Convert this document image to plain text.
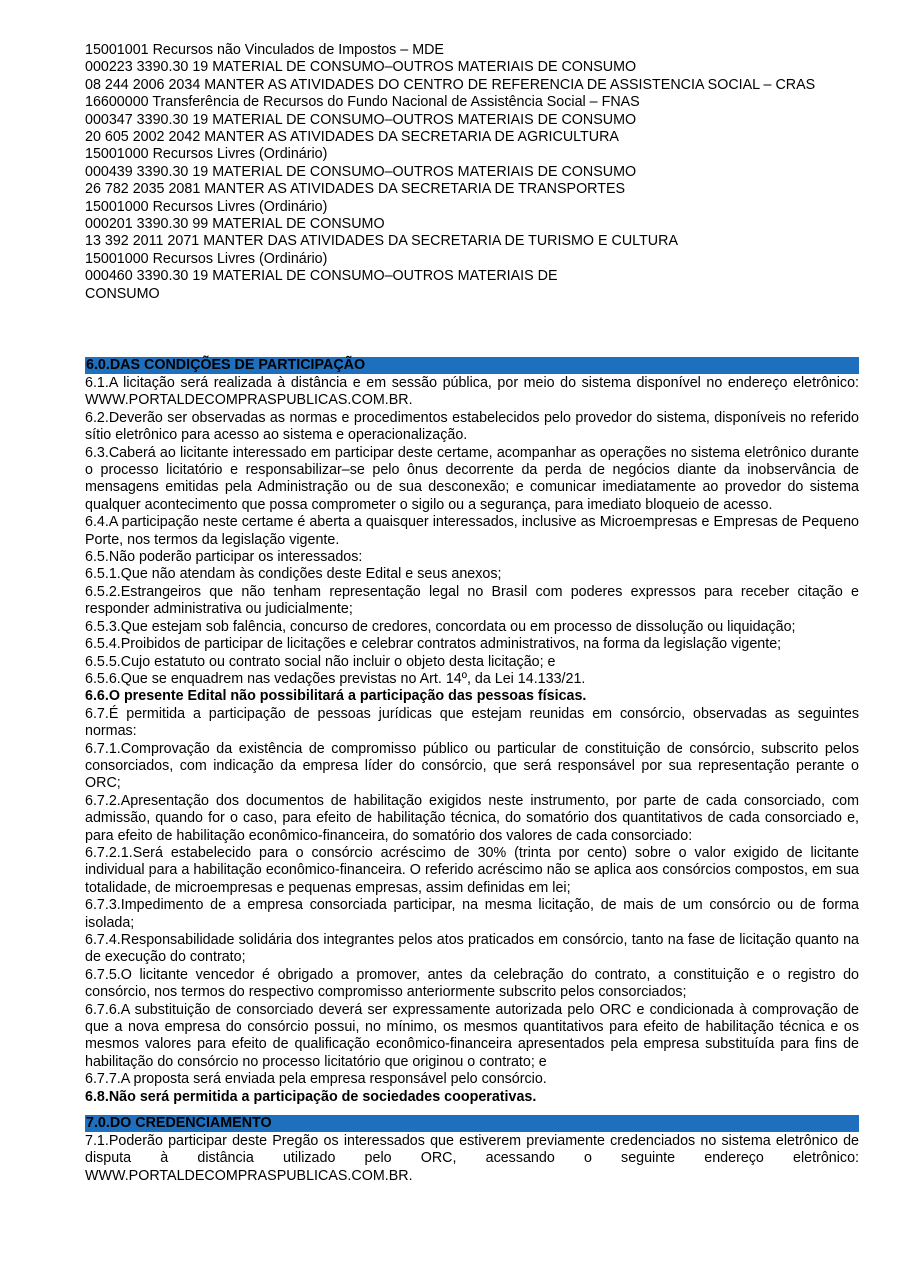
15001001 Recursos não Vinculados de Impostos – MDE
000223 3390.30 19 MATERIAL DE CONSUMO–OUTROS MATERIAIS DE CONSUMO
08 244 2006 2034 MANTER AS ATIVIDADES DO CENTRO DE REFERENCIA DE ASSISTENCIA SOCIAL – CRAS
16600000 Transferência de Recursos do Fundo Nacional de Assistência Social – FNAS
000347 3390.30 19 MATERIAL DE CONSUMO–OUTROS MATERIAIS DE CONSUMO
20 605 2002 2042 MANTER AS ATIVIDADES DA SECRETARIA DE AGRICULTURA
15001000 Recursos Livres (Ordinário)
000439 3390.30 19 MATERIAL DE CONSUMO–OUTROS MATERIAIS DE CONSUMO
26 782 2035 2081 MANTER AS ATIVIDADES DA SECRETARIA DE TRANSPORTES
15001000 Recursos Livres (Ordinário)
000201 3390.30 99 MATERIAL DE CONSUMO
13 392 2011 2071 MANTER DAS ATIVIDADES DA SECRETARIA DE TURISMO E CULTURA
15001000 Recursos Livres (Ordinário)
000460 3390.30 19 MATERIAL DE CONSUMO–OUTROS MATERIAIS DE
CONSUMO
6.0.DAS CONDIÇÕES DE PARTICIPAÇÃO
6.1.A licitação será realizada à distância e em sessão pública, por meio do sistema disponível no endereço eletrônico: WWW.PORTALDECOMPRASPUBLICAS.COM.BR.
6.2.Deverão ser observadas as normas e procedimentos estabelecidos pelo provedor do sistema, disponíveis no referido sítio eletrônico para acesso ao sistema e operacionalização.
6.3.Caberá ao licitante interessado em participar deste certame, acompanhar as operações no sistema eletrônico durante o processo licitatório e responsabilizar–se pelo ônus decorrente da perda de negócios diante da inobservância de mensagens emitidas pela Administração ou de sua desconexão; e comunicar imediatamente ao provedor do sistema qualquer acontecimento que possa comprometer o sigilo ou a segurança, para imediato bloqueio de acesso.
6.4.A participação neste certame é aberta a quaisquer interessados, inclusive as Microempresas e Empresas de Pequeno Porte, nos termos da legislação vigente.
6.5.Não poderão participar os interessados:
6.5.1.Que não atendam às condições deste Edital e seus anexos;
6.5.2.Estrangeiros que não tenham representação legal no Brasil com poderes expressos para receber citação e responder administrativa ou judicialmente;
6.5.3.Que estejam sob falência, concurso de credores, concordata ou em processo de dissolução ou liquidação;
6.5.4.Proibidos de participar de licitações e celebrar contratos administrativos, na forma da legislação vigente;
6.5.5.Cujo estatuto ou contrato social não incluir o objeto desta licitação; e
6.5.6.Que se enquadrem nas vedações previstas no Art. 14º, da Lei 14.133/21.
6.6.O presente Edital não possibilitará a participação das pessoas físicas.
6.7.É permitida a participação de pessoas jurídicas que estejam reunidas em consórcio, observadas as seguintes normas:
6.7.1.Comprovação da existência de compromisso público ou particular de constituição de consórcio, subscrito pelos consorciados, com indicação da empresa líder do consórcio, que será responsável por sua representação perante o ORC;
6.7.2.Apresentação dos documentos de habilitação exigidos neste instrumento, por parte de cada consorciado, com admissão, quando for o caso, para efeito de habilitação técnica, do somatório dos quantitativos de cada consorciado e, para efeito de habilitação econômico-financeira, do somatório dos valores de cada consorciado:
6.7.2.1.Será estabelecido para o consórcio acréscimo de 30% (trinta por cento) sobre o valor exigido de licitante individual para a habilitação econômico-financeira. O referido acréscimo não se aplica aos consórcios compostos, em sua totalidade, de microempresas e pequenas empresas, assim definidas em lei;
6.7.3.Impedimento de a empresa consorciada participar, na mesma licitação, de mais de um consórcio ou de forma isolada;
6.7.4.Responsabilidade solidária dos integrantes pelos atos praticados em consórcio, tanto na fase de licitação quanto na de execução do contrato;
6.7.5.O licitante vencedor é obrigado a promover, antes da celebração do contrato, a constituição e o registro do consórcio, nos termos do respectivo compromisso anteriormente subscrito pelos consorciados;
6.7.6.A substituição de consorciado deverá ser expressamente autorizada pelo ORC e condicionada à comprovação de que a nova empresa do consórcio possui, no mínimo, os mesmos quantitativos para efeito de habilitação técnica e os mesmos valores para efeito de qualificação econômico-financeira apresentados pela empresa substituída para fins de habilitação do consórcio no processo licitatório que originou o contrato; e
6.7.7.A proposta será enviada pela empresa responsável pelo consórcio.
6.8.Não será permitida a participação de sociedades cooperativas.
7.0.DO CREDENCIAMENTO
7.1.Poderão participar deste Pregão os interessados que estiverem previamente credenciados no sistema eletrônico de disputa à distância utilizado pelo ORC, acessando o seguinte endereço eletrônico: WWW.PORTALDECOMPRASPUBLICAS.COM.BR.
